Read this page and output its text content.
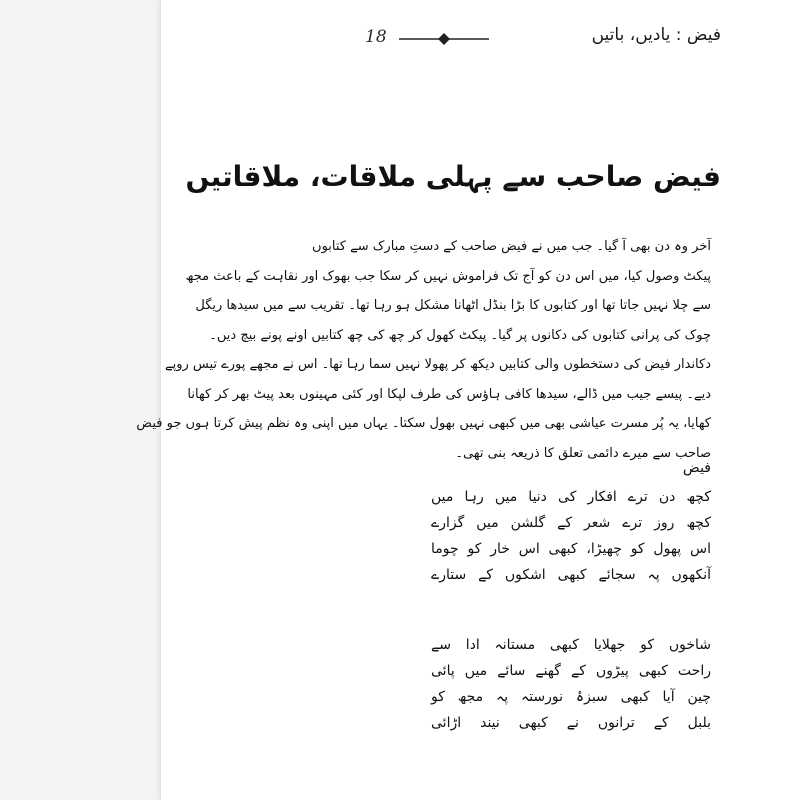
18	فیض : یادیں، باتیں
فیض صاحب سے پہلی ملاقات، ملاقاتیں
آخر وہ دن بھی آ گیا۔ جب میں نے فیض صاحب کے دستِ مبارک سے کتابوں
پیکٹ وصول کیا، میں اس دن کو آج تک فراموش نہیں کر سکا جب بھوک اور نقاہت کے باعث مجھ
سے چلا نہیں جاتا تھا اور کتابوں کا بڑا بنڈل اٹھانا مشکل ہو رہا تھا۔ تقریب سے میں سیدھا ریگل
چوک کی پرانی کتابوں کی دکانوں پر گیا۔ پیکٹ کھول کر چھ کی چھ کتابیں اونے پونے بیچ دیں۔
دکاندار فیض کی دستخطوں والی کتابیں دیکھ کر پھولا نہیں سما رہا تھا۔ اس نے مجھے پورے تیس روپے
دیے۔ پیسے جیب میں ڈالے، سیدھا کافی ہاؤس کی طرف لپکا اور کئی مہینوں بعد پیٹ بھر کر کھانا
کھایا، یہ پُر مسرت عیاشی بھی میں کبھی نہیں بھول سکتا۔ یہاں میں اپنی وہ نظم پیش کرتا ہوں جو فیض
صاحب سے میرے دائمی تعلق کا ذریعہ بنی تھی۔
فیض
کچھ دن ترے افکار کی دنیا میں رہا میں
کچھ روز ترے شعر کے گلشن میں گزارے
اس پھول کو چھیڑا، کبھی اس خار کو چوما
آنکھوں پہ سجائے کبھی اشکوں کے ستارے
شاخوں کو جھلایا کبھی مستانہ ادا سے
راحت کبھی پیڑوں کے گھنے سائے میں پائی
چین آیا کبھی سبزۂ نورستہ پہ مجھ کو
بلبل کے ترانوں نے کبھی نیند اڑائی
